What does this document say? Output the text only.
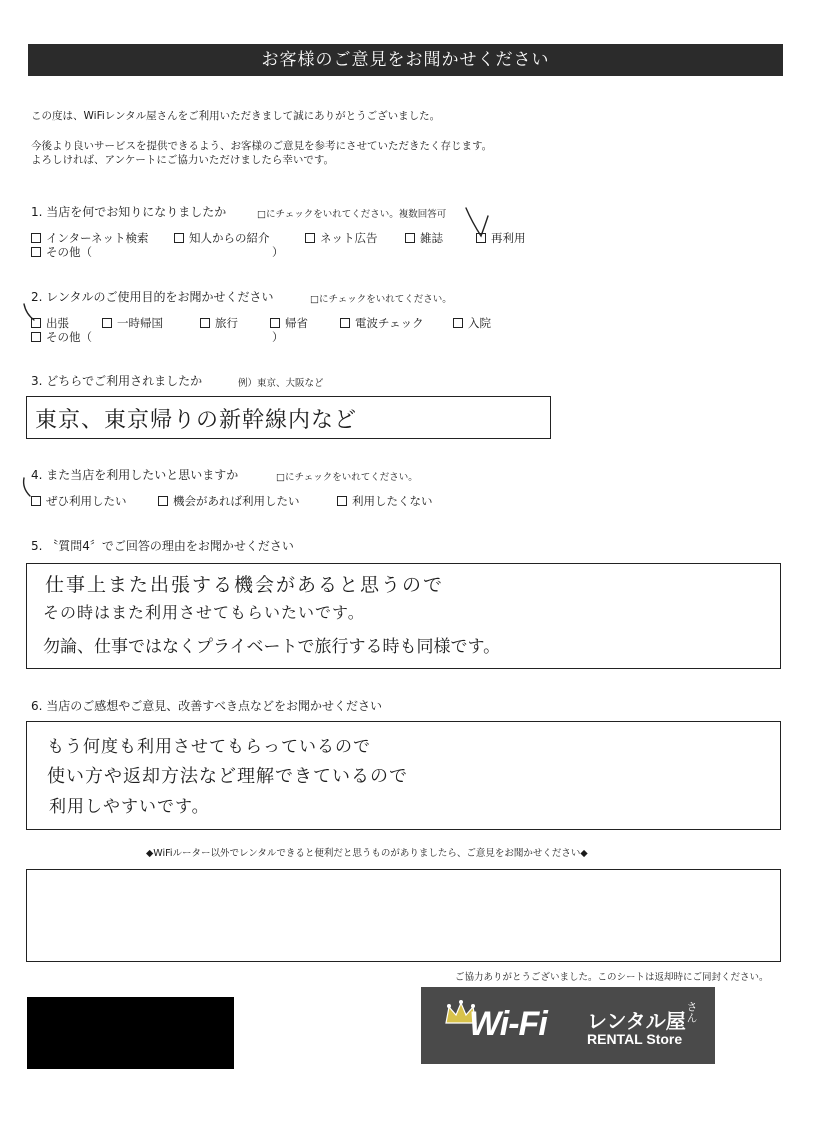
お客様のご意見をお聞かせください
この度は、WiFiレンタル屋さんをご利用いただきまして誠にありがとうございました。
今後より良いサービスを提供できるよう、お客様のご意見を参考にさせていただきたく存じます。
よろしければ、アンケートにご協力いただけましたら幸いです。
1. 当店を何でお知りになりましたか	□にチェックをいれてください。複数回答可
インターネット検索	知人からの紹介	ネット広告	雑誌	再利用
その他（	）
2. レンタルのご使用目的をお聞かせください	□にチェックをいれてください。
出張	一時帰国	旅行	帰省	電波チェック	入院
その他（	）
3. どちらでご利用されましたか	例）東京、大阪など
東京、東京帰りの新幹線内など
4. また当店を利用したいと思いますか	□にチェックをいれてください。
ぜひ利用したい	機会があれば利用したい	利用したくない
5. 〝質問4〞でご回答の理由をお聞かせください
仕事上また出張する機会があると思うので
その時はまた利用させてもらいたいです。
勿論、仕事ではなくプライベートで旅行する時も同様です。
6. 当店のご感想やご意見、改善すべき点などをお聞かせください
もう何度も利用させてもらっているので
使い方や返却方法など理解できているので
利用しやすいです。
◆WiFiルーター以外でレンタルできると便利だと思うものがありましたら、ご意見をお聞かせください◆
ご協力ありがとうございました。このシートは返却時にご同封ください。
Wi-Fi レンタル屋 さん
RENTAL Store
